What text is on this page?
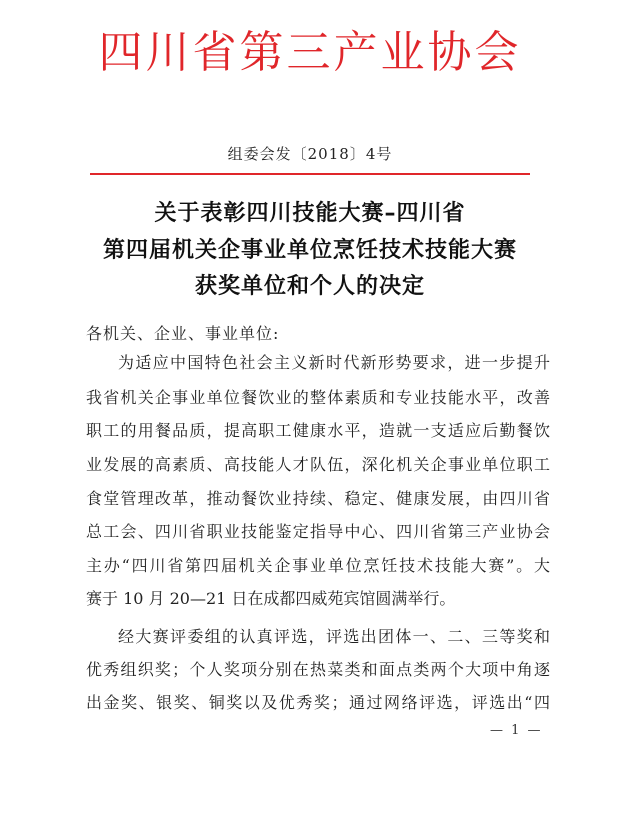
四川省第三产业协会
组委会发〔2018〕4号
关于表彰四川技能大赛–四川省
第四届机关企事业单位烹饪技术技能大赛
获奖单位和个人的决定
各机关、企业、事业单位:
为适应中国特色社会主义新时代新形势要求，进一步提升
我省机关企事业单位餐饮业的整体素质和专业技能水平，改善
职工的用餐品质，提高职工健康水平，造就一支适应后勤餐饮
业发展的高素质、高技能人才队伍，深化机关企事业单位职工
食堂管理改革，推动餐饮业持续、稳定、健康发展，由四川省
总工会、四川省职业技能鉴定指导中心、四川省第三产业协会
主办“四川省第四届机关企事业单位烹饪技术技能大赛”。大
赛于 10 月 20—21 日在成都四威苑宾馆圆满举行。
经大赛评委组的认真评选，评选出团体一、二、三等奖和
优秀组织奖；个人奖项分别在热菜类和面点类两个大项中角逐
出金奖、银奖、铜奖以及优秀奖；通过网络评选，评选出“四
— 1 —
